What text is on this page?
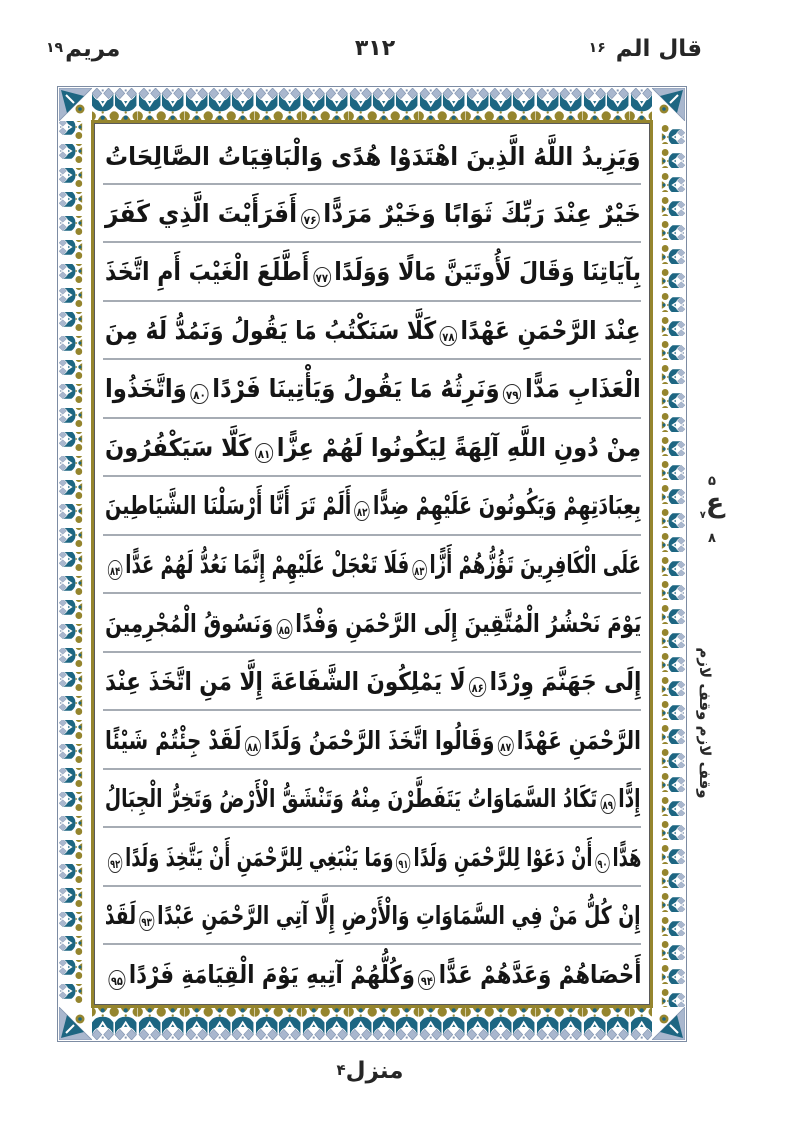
مريم۱۹	۳۱۲	قال الم ۱۶
وَيَزِيدُ اللَّهُ الَّذِينَ اهْتَدَوْا هُدًى وَالْبَاقِيَاتُ الصَّالِحَاتُ
خَيْرٌ عِنْدَ رَبِّكَ ثَوَابًا وَخَيْرٌ مَرَدًّا۷۶أَفَرَأَيْتَ الَّذِي كَفَرَ
بِآيَاتِنَا وَقَالَ لَأُوتَيَنَّ مَالًا وَوَلَدًا۷۷أَطَّلَعَ الْغَيْبَ أَمِ اتَّخَذَ
عِنْدَ الرَّحْمَنِ عَهْدًا۷۸كَلَّا سَنَكْتُبُ مَا يَقُولُ وَنَمُدُّ لَهُ مِنَ
الْعَذَابِ مَدًّا۷۹وَنَرِثُهُ مَا يَقُولُ وَيَأْتِينَا فَرْدًا۸۰وَاتَّخَذُوا
مِنْ دُونِ اللَّهِ آلِهَةً لِيَكُونُوا لَهُمْ عِزًّا۸۱كَلَّا سَيَكْفُرُونَ
بِعِبَادَتِهِمْ وَيَكُونُونَ عَلَيْهِمْ ضِدًّا۸۲أَلَمْ تَرَ أَنَّا أَرْسَلْنَا الشَّيَاطِينَ
عَلَى الْكَافِرِينَ تَؤُزُّهُمْ أَزًّا۸۳فَلَا تَعْجَلْ عَلَيْهِمْ إِنَّمَا نَعُدُّ لَهُمْ عَدًّا۸۴
يَوْمَ نَحْشُرُ الْمُتَّقِينَ إِلَى الرَّحْمَنِ وَفْدًا۸۵وَنَسُوقُ الْمُجْرِمِينَ
إِلَى جَهَنَّمَ وِرْدًا۸۶لَا يَمْلِكُونَ الشَّفَاعَةَ إِلَّا مَنِ اتَّخَذَ عِنْدَ
الرَّحْمَنِ عَهْدًا۸۷وَقَالُوا اتَّخَذَ الرَّحْمَنُ وَلَدًا۸۸لَقَدْ جِئْتُمْ شَيْئًا
إِدًّا۸۹تَكَادُ السَّمَاوَاتُ يَتَفَطَّرْنَ مِنْهُ وَتَنْشَقُّ الْأَرْضُ وَتَخِرُّ الْجِبَالُ
هَدًّا۹۰أَنْ دَعَوْا لِلرَّحْمَنِ وَلَدًا۹۱وَمَا يَنْبَغِي لِلرَّحْمَنِ أَنْ يَتَّخِذَ وَلَدًا۹۲
إِنْ كُلُّ مَنْ فِي السَّمَاوَاتِ وَالْأَرْضِ إِلَّا آتِي الرَّحْمَنِ عَبْدًا۹۳لَقَدْ
أَحْصَاهُمْ وَعَدَّهُمْ عَدًّا۹۴وَكُلُّهُمْ آتِيهِ يَوْمَ الْقِيَامَةِ فَرْدًا۹۵
۵
ع$_۷$
۸
وقف لازم وقف لازم
منزل۴
